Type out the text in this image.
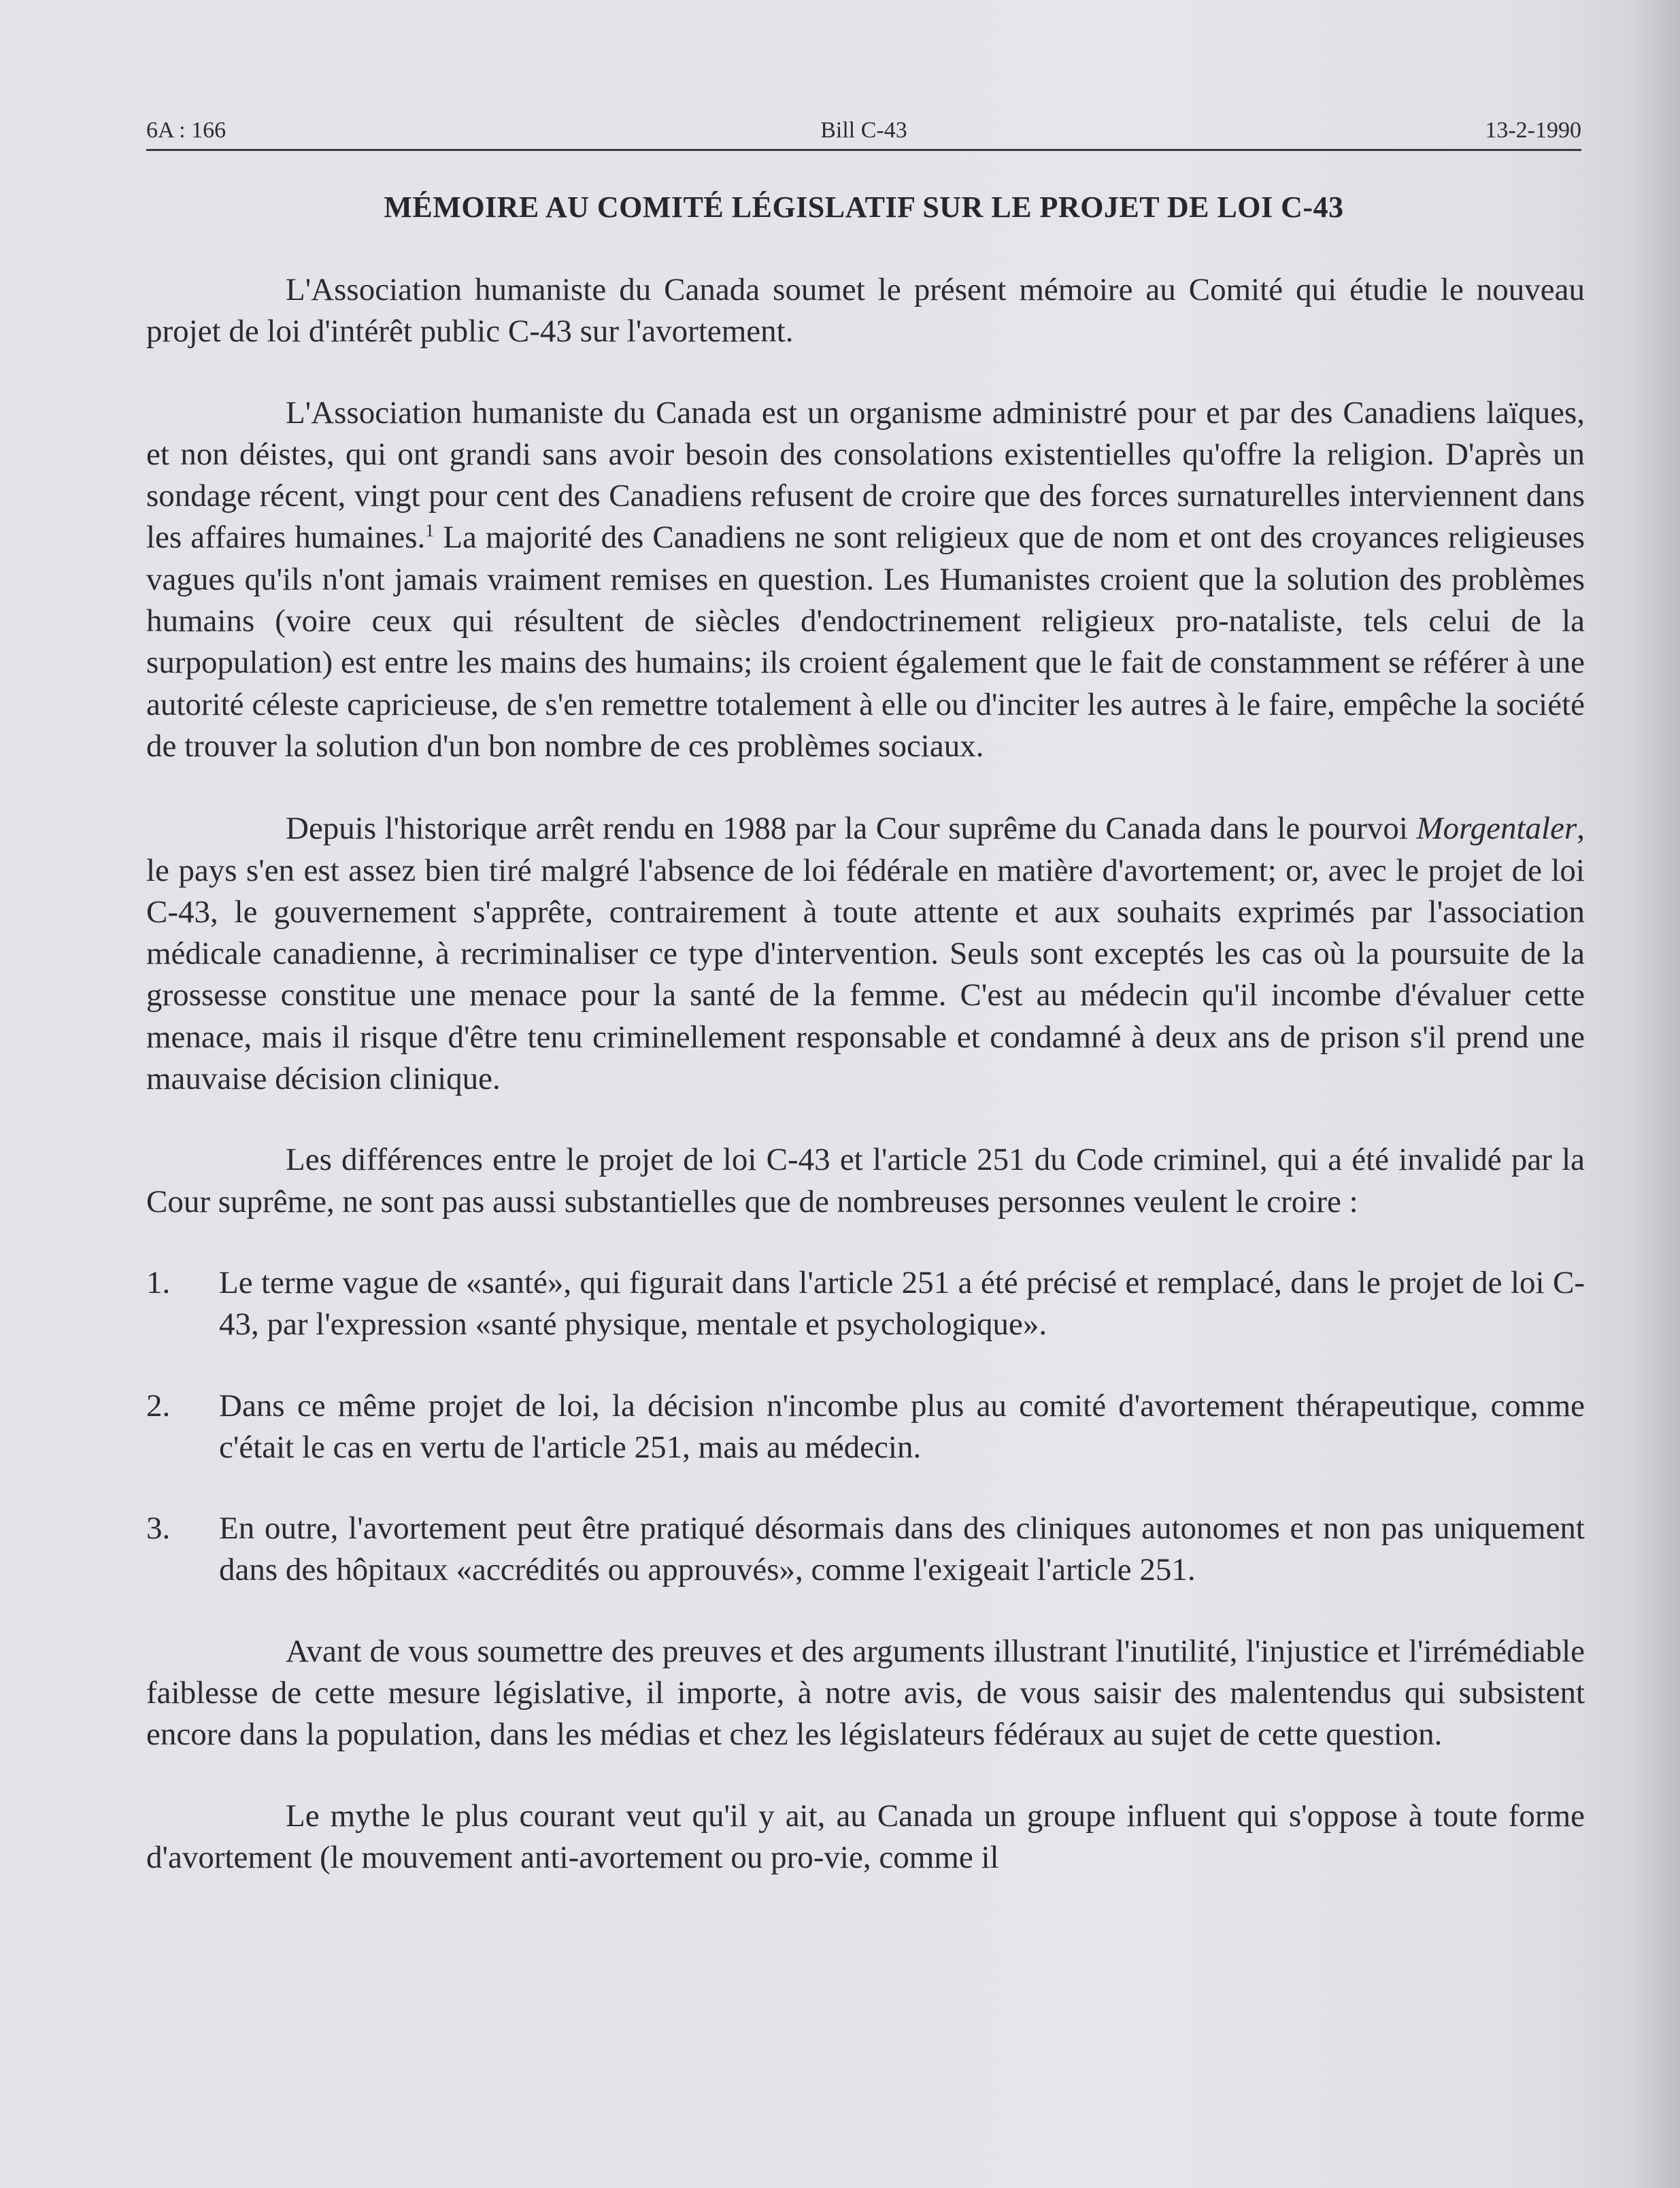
6A : 166	Bill C-43	13-2-1990
MÉMOIRE AU COMITÉ LÉGISLATIF SUR LE PROJET DE LOI C-43

L'Association humaniste du Canada soumet le présent mémoire au Comité qui étudie le nouveau projet de loi d'intérêt public C-43 sur l'avortement.

L'Association humaniste du Canada est un organisme administré pour et par des Canadiens laïques, et non déistes, qui ont grandi sans avoir besoin des consolations existentielles qu'offre la religion. D'après un sondage récent, vingt pour cent des Canadiens refusent de croire que des forces surnaturelles interviennent dans les affaires humaines.$^1$ La majorité des Canadiens ne sont religieux que de nom et ont des croyances religieuses vagues qu'ils n'ont jamais vraiment remises en question. Les Humanistes croient que la solution des problèmes humains (voire ceux qui résultent de siècles d'endoctrinement religieux pro-nataliste, tels celui de la surpopulation) est entre les mains des humains; ils croient également que le fait de constamment se référer à une autorité céleste capricieuse, de s'en remettre totalement à elle ou d'inciter les autres à le faire, empêche la société de trouver la solution d'un bon nombre de ces problèmes sociaux.

Depuis l'historique arrêt rendu en 1988 par la Cour suprême du Canada dans le pourvoi Morgentaler, le pays s'en est assez bien tiré malgré l'absence de loi fédérale en matière d'avortement; or, avec le projet de loi C-43, le gouvernement s'apprête, contrairement à toute attente et aux souhaits exprimés par l'association médicale canadienne, à recriminaliser ce type d'intervention. Seuls sont exceptés les cas où la poursuite de la grossesse constitue une menace pour la santé de la femme. C'est au médecin qu'il incombe d'évaluer cette menace, mais il risque d'être tenu criminellement responsable et condamné à deux ans de prison s'il prend une mauvaise décision clinique.

Les différences entre le projet de loi C-43 et l'article 251 du Code criminel, qui a été invalidé par la Cour suprême, ne sont pas aussi substantielles que de nombreuses personnes veulent le croire :

1.	Le terme vague de «santé», qui figurait dans l'article 251 a été précisé et remplacé, dans le projet de loi C-43, par l'expression «santé physique, mentale et psychologique».
2.	Dans ce même projet de loi, la décision n'incombe plus au comité d'avortement thérapeutique, comme c'était le cas en vertu de l'article 251, mais au médecin.
3.	En outre, l'avortement peut être pratiqué désormais dans des cliniques autonomes et non pas uniquement dans des hôpitaux «accrédités ou approuvés», comme l'exigeait l'article 251.

Avant de vous soumettre des preuves et des arguments illustrant l'inutilité, l'injustice et l'irrémédiable faiblesse de cette mesure législative, il importe, à notre avis, de vous saisir des malentendus qui subsistent encore dans la population, dans les médias et chez les législateurs fédéraux au sujet de cette question.

Le mythe le plus courant veut qu'il y ait, au Canada un groupe influent qui s'oppose à toute forme d'avortement (le mouvement anti-avortement ou pro-vie, comme il
